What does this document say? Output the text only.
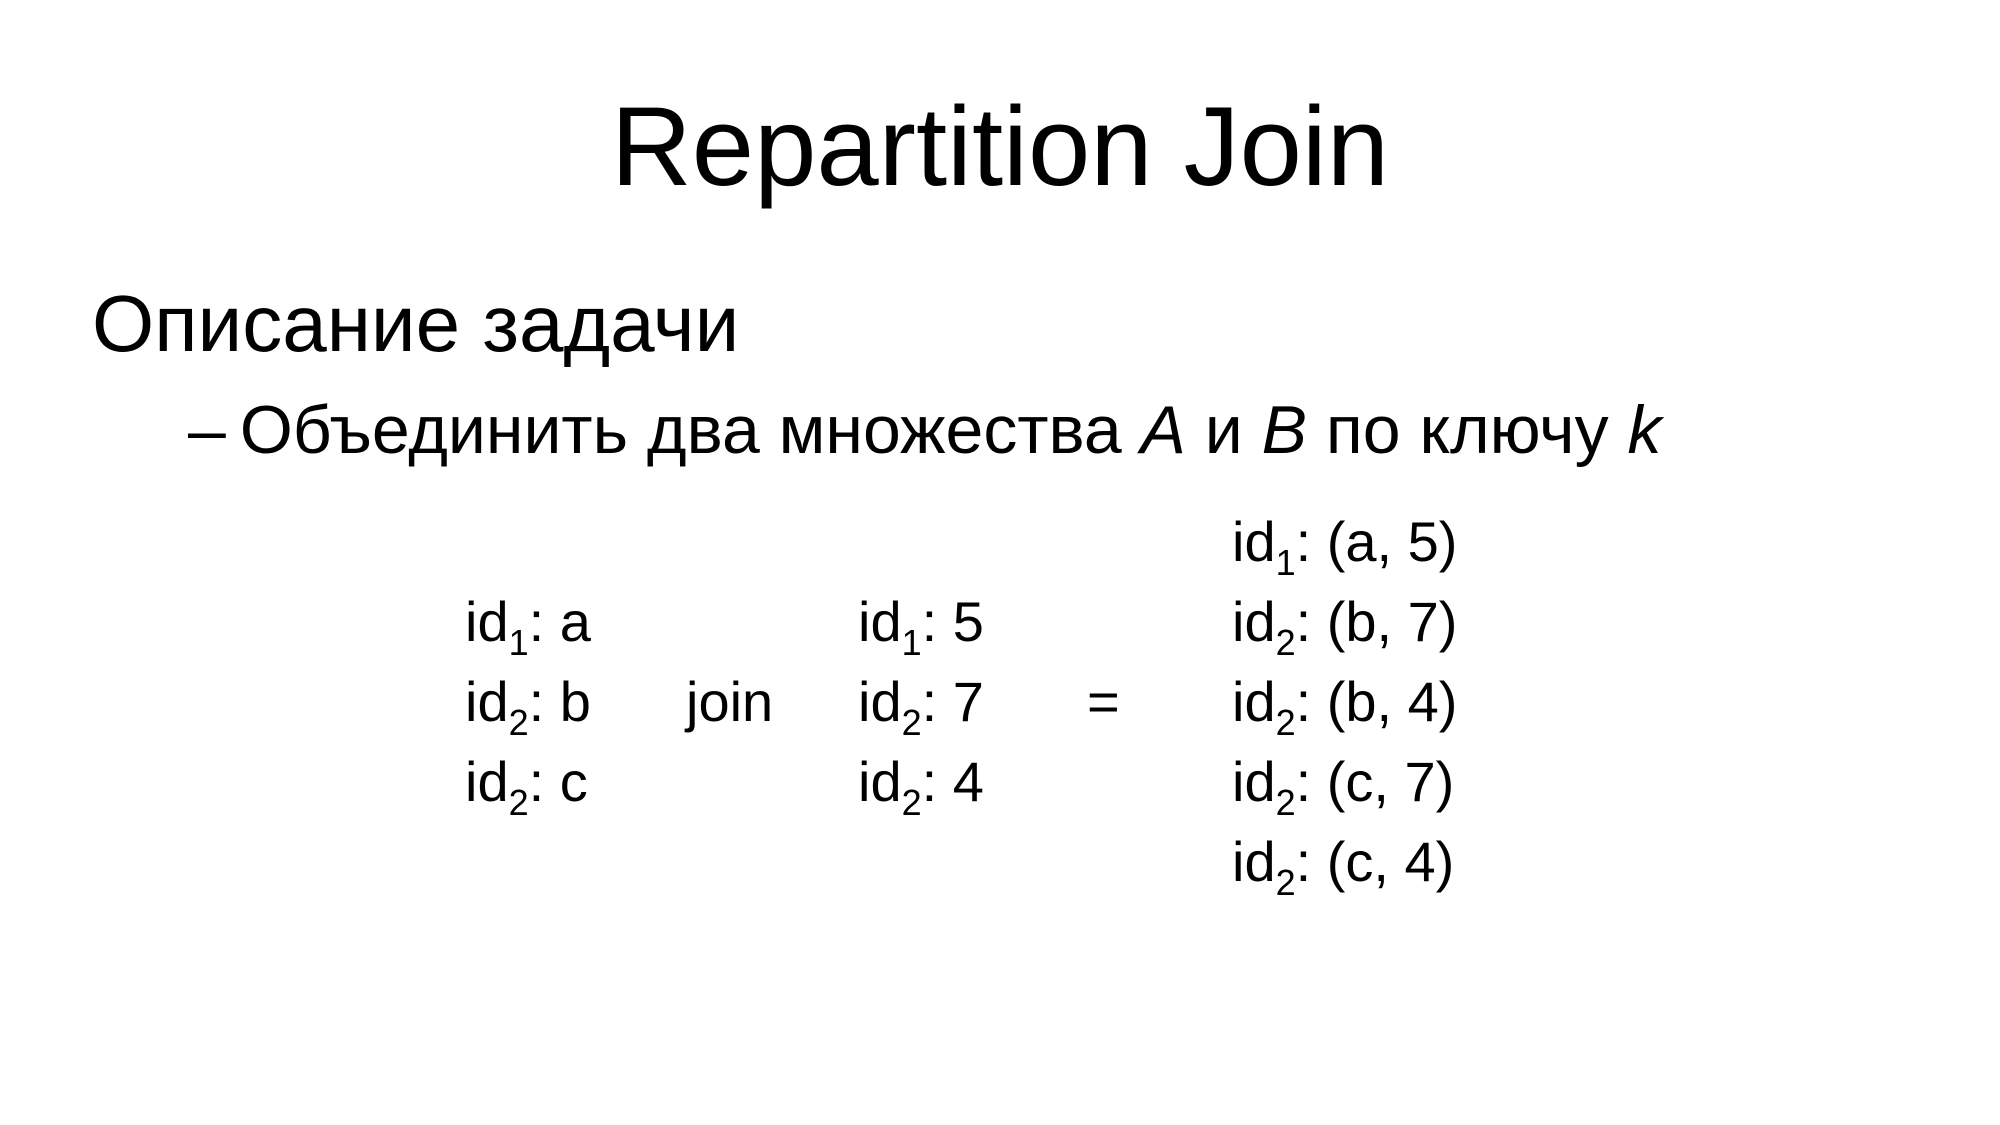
Repartition Join
Описание задачи
– Объединить два множества A и B по ключу k
$id_1$: a
$id_2$: b
$id_2$: c
join
$id_1$: 5
$id_2$: 7
$id_2$: 4
=
$id_1$: (a, 5)
$id_2$: (b, 7)
$id_2$: (b, 4)
$id_2$: (c, 7)
$id_2$: (c, 4)
